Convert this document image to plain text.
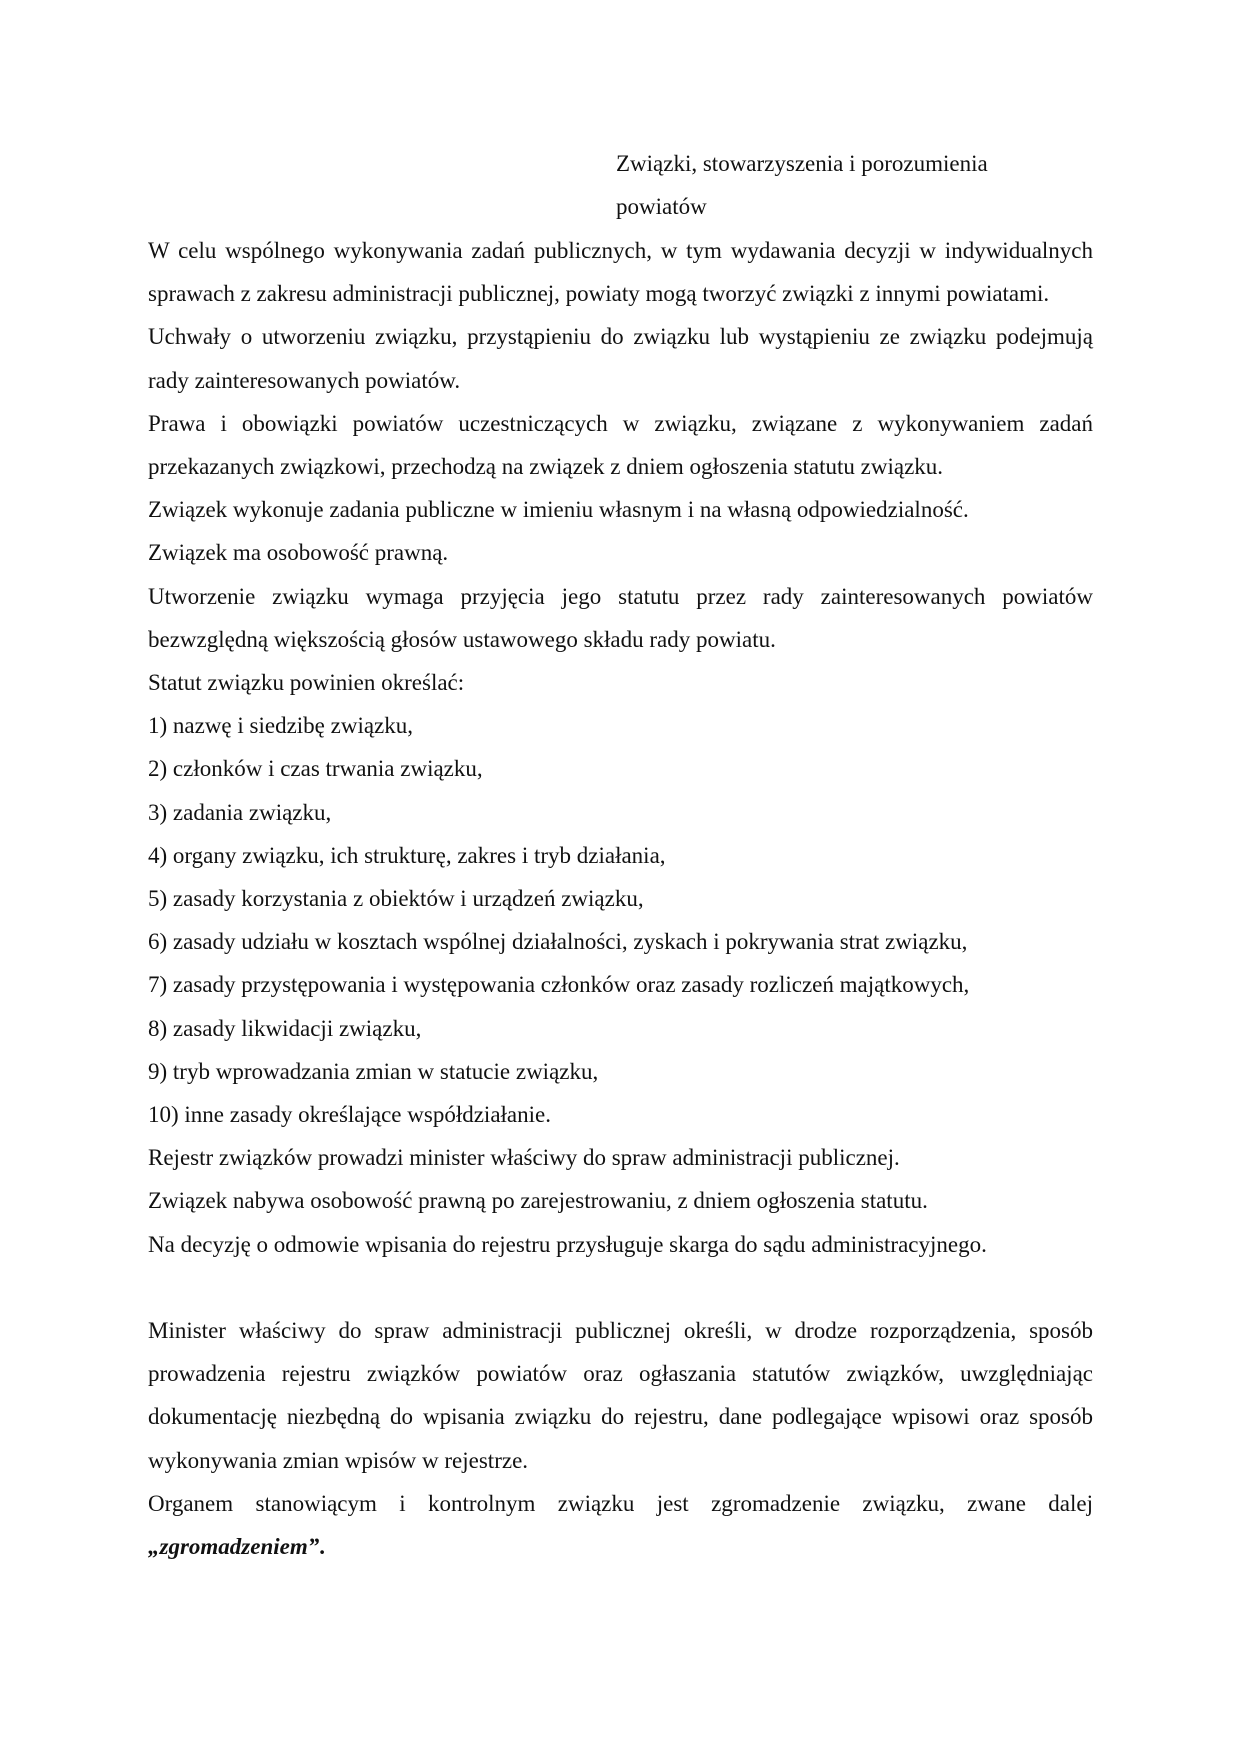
Związki, stowarzyszenia i porozumienia powiatów

W celu wspólnego wykonywania zadań publicznych, w tym wydawania decyzji w indywidualnych sprawach z zakresu administracji publicznej, powiaty mogą tworzyć związki z innymi powiatami.

Uchwały o utworzeniu związku, przystąpieniu do związku lub wystąpieniu ze związku podejmują rady zainteresowanych powiatów.

Prawa i obowiązki powiatów uczestniczących w związku, związane z wykonywaniem zadań przekazanych związkowi, przechodzą na związek z dniem ogłoszenia statutu związku.

Związek wykonuje zadania publiczne w imieniu własnym i na własną odpowiedzialność.

Związek ma osobowość prawną.

Utworzenie związku wymaga przyjęcia jego statutu przez rady zainteresowanych powiatów bezwzględną większością głosów ustawowego składu rady powiatu.

Statut związku powinien określać:

1) nazwę i siedzibę związku,

2) członków i czas trwania związku,

3) zadania związku,

4) organy związku, ich strukturę, zakres i tryb działania,

5) zasady korzystania z obiektów i urządzeń związku,

6) zasady udziału w kosztach wspólnej działalności, zyskach i pokrywania strat związku,

7) zasady przystępowania i występowania członków oraz zasady rozliczeń majątkowych,

8) zasady likwidacji związku,

9) tryb wprowadzania zmian w statucie związku,

10) inne zasady określające współdziałanie.

Rejestr związków prowadzi minister właściwy do spraw administracji publicznej.

Związek nabywa osobowość prawną po zarejestrowaniu, z dniem ogłoszenia statutu.

Na decyzję o odmowie wpisania do rejestru przysługuje skarga do sądu administracyjnego.

Minister właściwy do spraw administracji publicznej określi, w drodze rozporządzenia, sposób prowadzenia rejestru związków powiatów oraz ogłaszania statutów związków, uwzględniając dokumentację niezbędną do wpisania związku do rejestru, dane podlegające wpisowi oraz sposób wykonywania zmian wpisów w rejestrze.

Organem stanowiącym i kontrolnym związku jest zgromadzenie związku, zwane dalej „zgromadzeniem”.
